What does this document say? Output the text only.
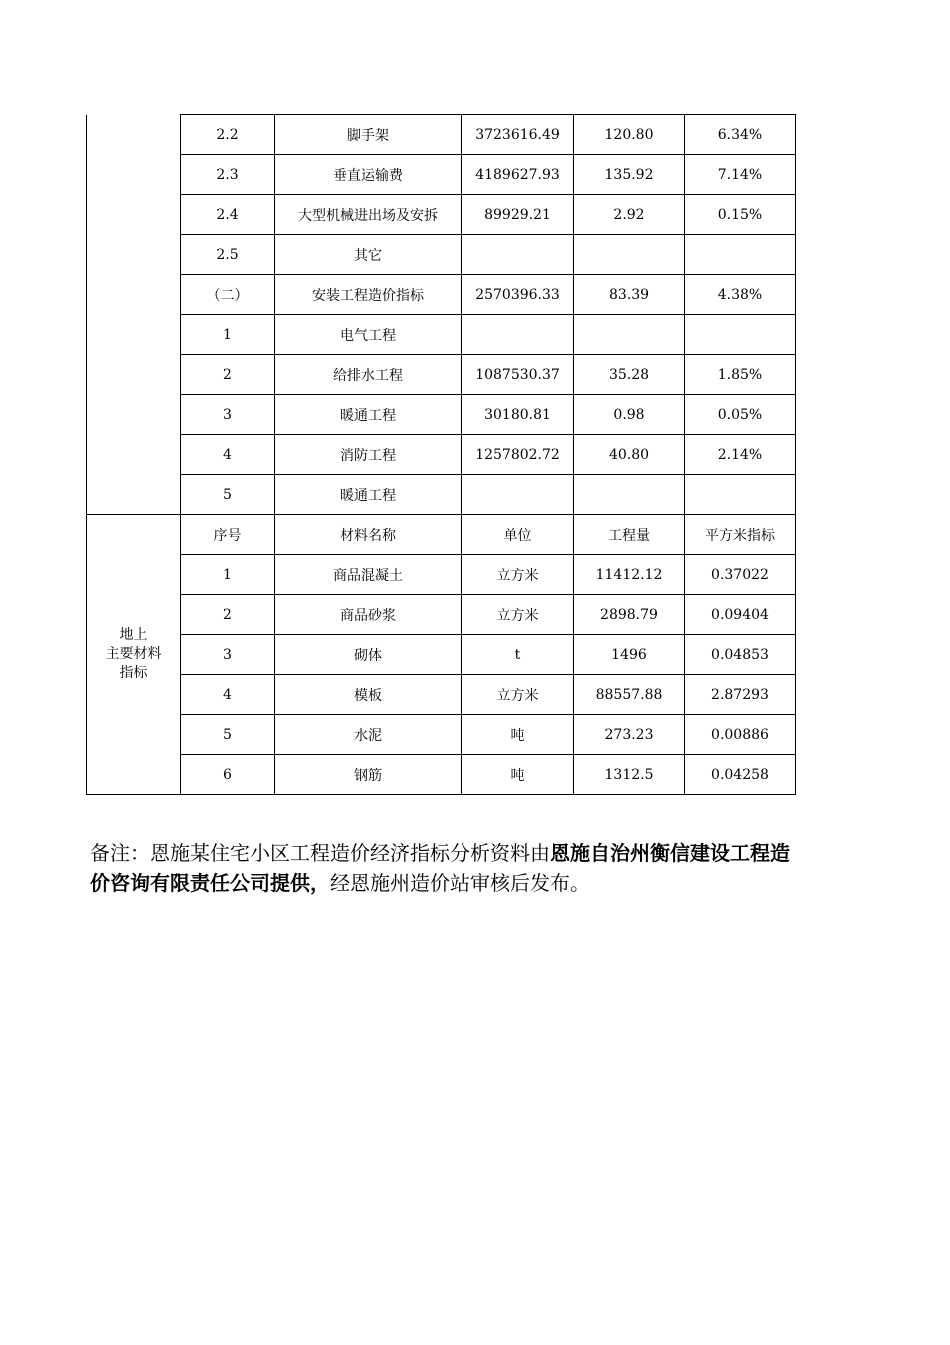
	2.2	脚手架	3723616.49	120.80	6.34%
	2.3	垂直运输费	4189627.93	135.92	7.14%
	2.4	大型机械进出场及安拆	89929.21	2.92	0.15%
	2.5	其它			
	（二）	安装工程造价指标	2570396.33	83.39	4.38%
	1	电气工程			
	2	给排水工程	1087530.37	35.28	1.85%
	3	暖通工程	30180.81	0.98	0.05%
	4	消防工程	1257802.72	40.80	2.14%
	5	暖通工程			

地上
主要材料
指标	序号	材料名称	单位	工程量	平方米指标
	1	商品混凝土	立方米	11412.12	0.37022
	2	商品砂浆	立方米	2898.79	0.09404
	3	砌体	t	1496	0.04853
	4	模板	立方米	88557.88	2.87293
	5	水泥	吨	273.23	0.00886
	6	钢筋	吨	1312.5	0.04258
备注：恩施某住宅小区工程造价经济指标分析资料由恩施自治州衡信建设工程造价咨询有限责任公司提供，经恩施州造价站审核后发布。
